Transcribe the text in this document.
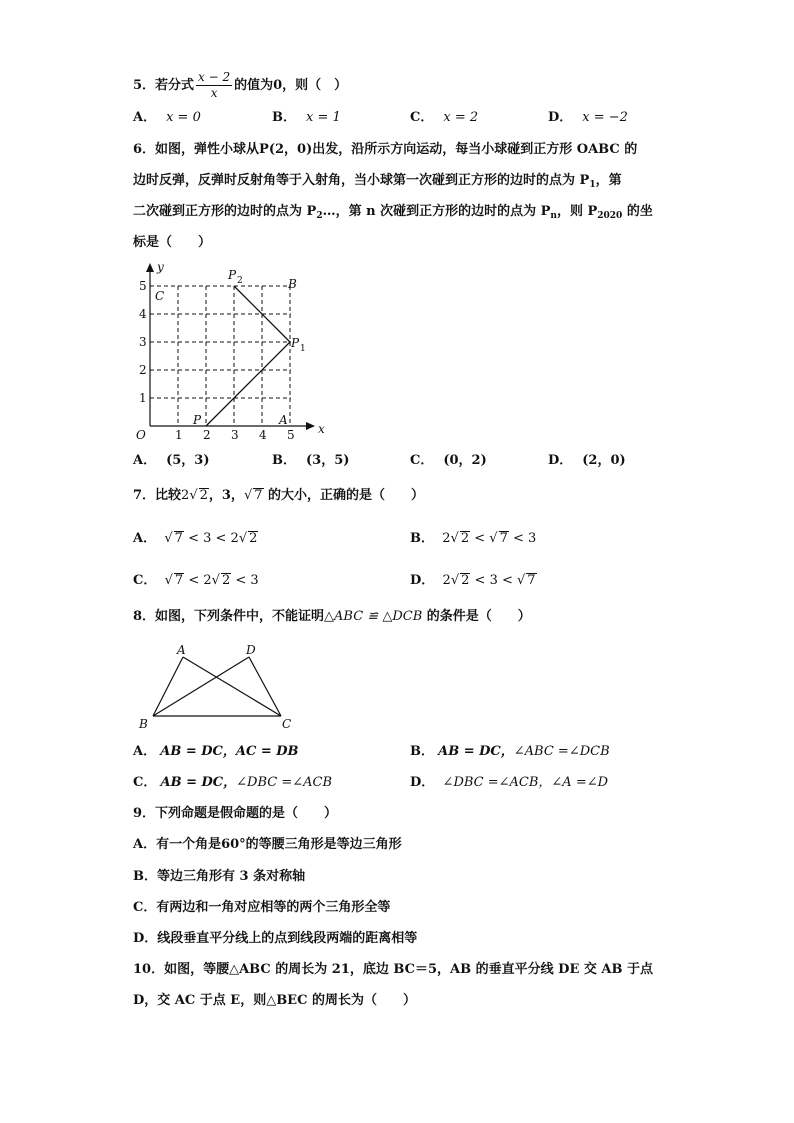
5．若分式 $\frac{x - 2}{x}$ 的值为0，则（　）
A． x = 0	B． x = 1	C． x = 2	D． x = −2
6．如图，弹性小球从P(2，0)出发，沿所示方向运动，每当小球碰到正方形 OABC 的
边时反弹，反弹时反射角等于入射角，当小球第一次碰到正方形的边时的点为 $P_1$，第
二次碰到正方形的边时的点为 $P_2\dots$，第 n 次碰到正方形的边时的点为 $P_n$，则 $P_{2020}$ 的坐
标是（　　）
x
y
O 1 2 3 4 5
1
2
3
4
5
P	A
B
C
P 1
P 2
A． (5，3)	B． (3，5)	C． (0，2)	D． (2，0)
7．比较2√ 2，3，√ 7 的大小，正确的是（　　）
A．  √ 7 < 3 < 2√ 2	B． 2√ 2 < √ 7 < 3
C．  √ 7 < 2√ 2 < 3	D． 2√ 2 < 3 < √ 7
8．如图，下列条件中，不能证明△ABC ≌ △DCB 的条件是（　　）
A	D
B	C
A． AB = DC，AC = DB	B． AB = DC，∠ABC =∠DCB
C． AB = DC，∠DBC =∠ACB	D． ∠DBC =∠ACB，∠A =∠D
9．下列命题是假命题的是（　　）
A．有一个角是60°的等腰三角形是等边三角形
B．等边三角形有 3 条对称轴
C．有两边和一角对应相等的两个三角形全等
D．线段垂直平分线上的点到线段两端的距离相等
10．如图，等腰△ABC 的周长为 21，底边 BC＝5，AB 的垂直平分线 DE 交 AB 于点
D，交 AC 于点 E，则△BEC 的周长为（　　）
